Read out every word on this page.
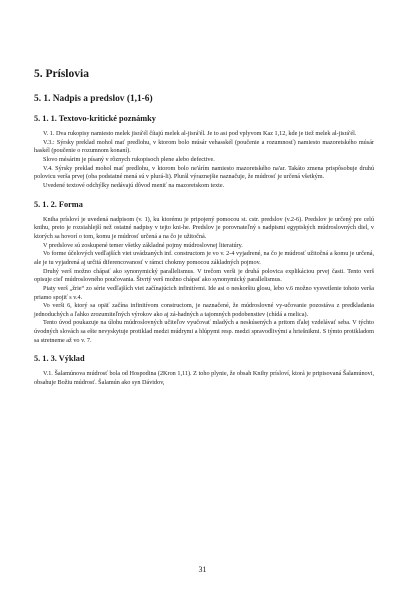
5. Príslovia
5. 1. Nadpis a predslov (1,1-6)
5. 1. 1. Textovo-kritické poznámky

V. 1. Dva rukopisy namiesto melek jisrá'él čítajú melek al-jisrá'él. Je to asi pod vplyvom Kaz 1,12, kde je tiež melek al-jisrá'él.

V.3.: Sýrsky preklad mohol mať predlohu, v ktorom bolo músár vehasskél (poučenie a rozumnosť) namiesto mazoretského músár haskél (poučenie o rozumnom konaní).

Slovo mésárim je písaný v rôznych rukopisoch plene alebo defective.

V.4. Sýrsky preklad mohol mať predlohu, v ktorom bolo ne'árím namiesto mazoretského na'ar. Takáto zmena prispôsobuje druhú polovicu verša prvej (oba podstatné mená sú v plurá-li). Plurál výraznejšie naznačuje, že múdrosť je určená všetkým.

Uvedené textové odchýlky nedávajú dôvod meniť na mazoretskom texte.

5. 1. 2. Forma

Kniha prísloví je uvedená nadpisom (v. 1), ku ktorému je pripojený pomocou st. cstr. predslov (v.2-6). Predslov je určený pre celú knihu, preto je rozsiahlejší než ostatné nadpisy v tejto kni-he. Predslov je porovnateľný s nadpismi egyptských múdroslovných diel, v ktorých sa hovorí o tom, komu je múdrosť určená a na čo je užitočná.

V predslove sú zoskupené temer všetky základné pojmy múdroslovnej literatúry.

Vo forme účelových vedľajších viet uvádzaných inf. constructom je vo v. 2-4 vyjadrené, na čo je múdrosť užitočná a komu je určená, ale je tu vyjadrená aj určitá diferencovanosť v rámci chokmy pomocou základných pojmov.

Druhý verš možno chápať ako synonymický parallelismus. V trečom verši je druhá polovica explikáciou prvej časti. Tento verš opisuje cieľ múdroslovného poučovania. Štvrtý verš možno chápať ako synonymický parallelismus.

Piaty verš „žrie“ zo série vedľajších viet začínajúcich infinitívmi. Ide asi o neskoršiu glosu, lebo v.6 možno vysvetlenie tohoto verša priamo spojiť s v.4.

Vo verši 6, ktorý sa opäť začína infinitívom constructom, je naznačené, že múdroslovné vy-učovanie pozostáva z predkladania jednoduchých a ľahko zrozumiteľných výrokov ako aj zá-hadných a tajomných podobenstiev (chídá a melica).

Tento úvod poukazuje na úlohu múdroslovných učiteľov vyučovať mladých a neskúsených a pritom ďalej vzdelávať seba. V týchto úvodných slovách sa ešte nevyskytuje protiklad medzi múdrymi a hlúpymi resp. medzi spravodlivými a hriešnikmi. S týmto protikladom sa stretneme až vo v. 7.

5. 1. 3. Výklad

V.1. Šalamúnova múdrosť bola od Hospodina (2Kron 1,11). Z toho plynie, že obsah Knihy prísloví, ktorá je pripisovaná Šalamúnovi, obsahuje Božiu múdrosť. Šalamún ako syn Dávidov,

31
